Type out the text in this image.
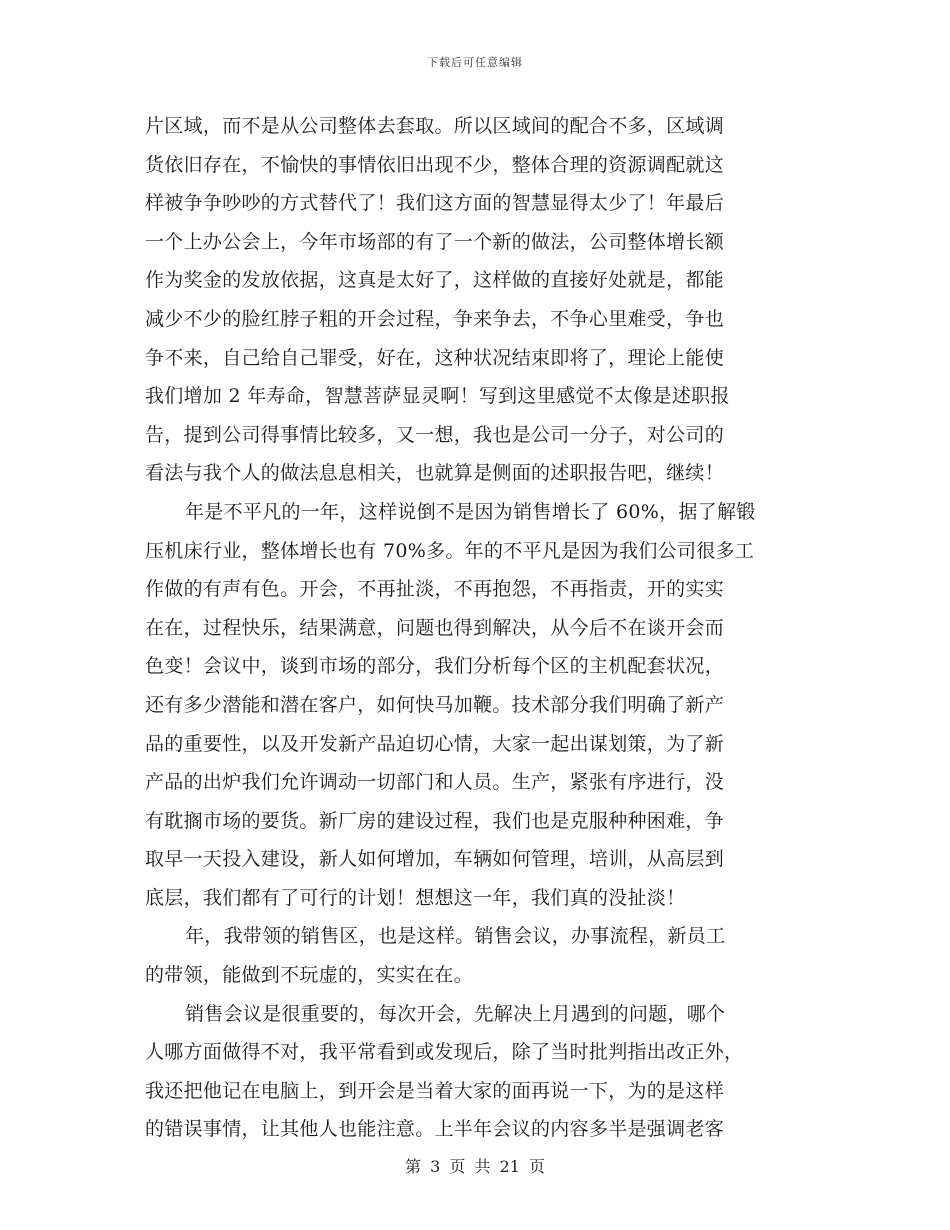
下载后可任意编辑
片区域，而不是从公司整体去套取。所以区域间的配合不多，区域调
货依旧存在，不愉快的事情依旧出现不少，整体合理的资源调配就这
样被争争吵吵的方式替代了！我们这方面的智慧显得太少了！年最后
一个上办公会上，今年市场部的有了一个新的做法，公司整体增长额
作为奖金的发放依据，这真是太好了，这样做的直接好处就是，都能
减少不少的脸红脖子粗的开会过程，争来争去，不争心里难受，争也
争不来，自己给自己罪受，好在，这种状况结束即将了，理论上能使
我们增加 2 年寿命，智慧菩萨显灵啊！写到这里感觉不太像是述职报
告，提到公司得事情比较多，又一想，我也是公司一分子，对公司的
看法与我个人的做法息息相关，也就算是侧面的述职报告吧，继续！
年是不平凡的一年，这样说倒不是因为销售增长了 60%，据了解锻
压机床行业，整体增长也有 70%多。年的不平凡是因为我们公司很多工
作做的有声有色。开会，不再扯淡，不再抱怨，不再指责，开的实实
在在，过程快乐，结果满意，问题也得到解决，从今后不在谈开会而
色变！会议中，谈到市场的部分，我们分析每个区的主机配套状况，
还有多少潜能和潜在客户，如何快马加鞭。技术部分我们明确了新产
品的重要性，以及开发新产品迫切心情，大家一起出谋划策，为了新
产品的出炉我们允许调动一切部门和人员。生产，紧张有序进行，没
有耽搁市场的要货。新厂房的建设过程，我们也是克服种种困难，争
取早一天投入建设，新人如何增加，车辆如何管理，培训，从高层到
底层，我们都有了可行的计划！想想这一年，我们真的没扯淡！
年，我带领的销售区，也是这样。销售会议，办事流程，新员工
的带领，能做到不玩虚的，实实在在。
销售会议是很重要的，每次开会，先解决上月遇到的问题，哪个
人哪方面做得不对，我平常看到或发现后，除了当时批判指出改正外，
我还把他记在电脑上，到开会是当着大家的面再说一下，为的是这样
的错误事情，让其他人也能注意。上半年会议的内容多半是强调老客
第 3 页 共 21 页
